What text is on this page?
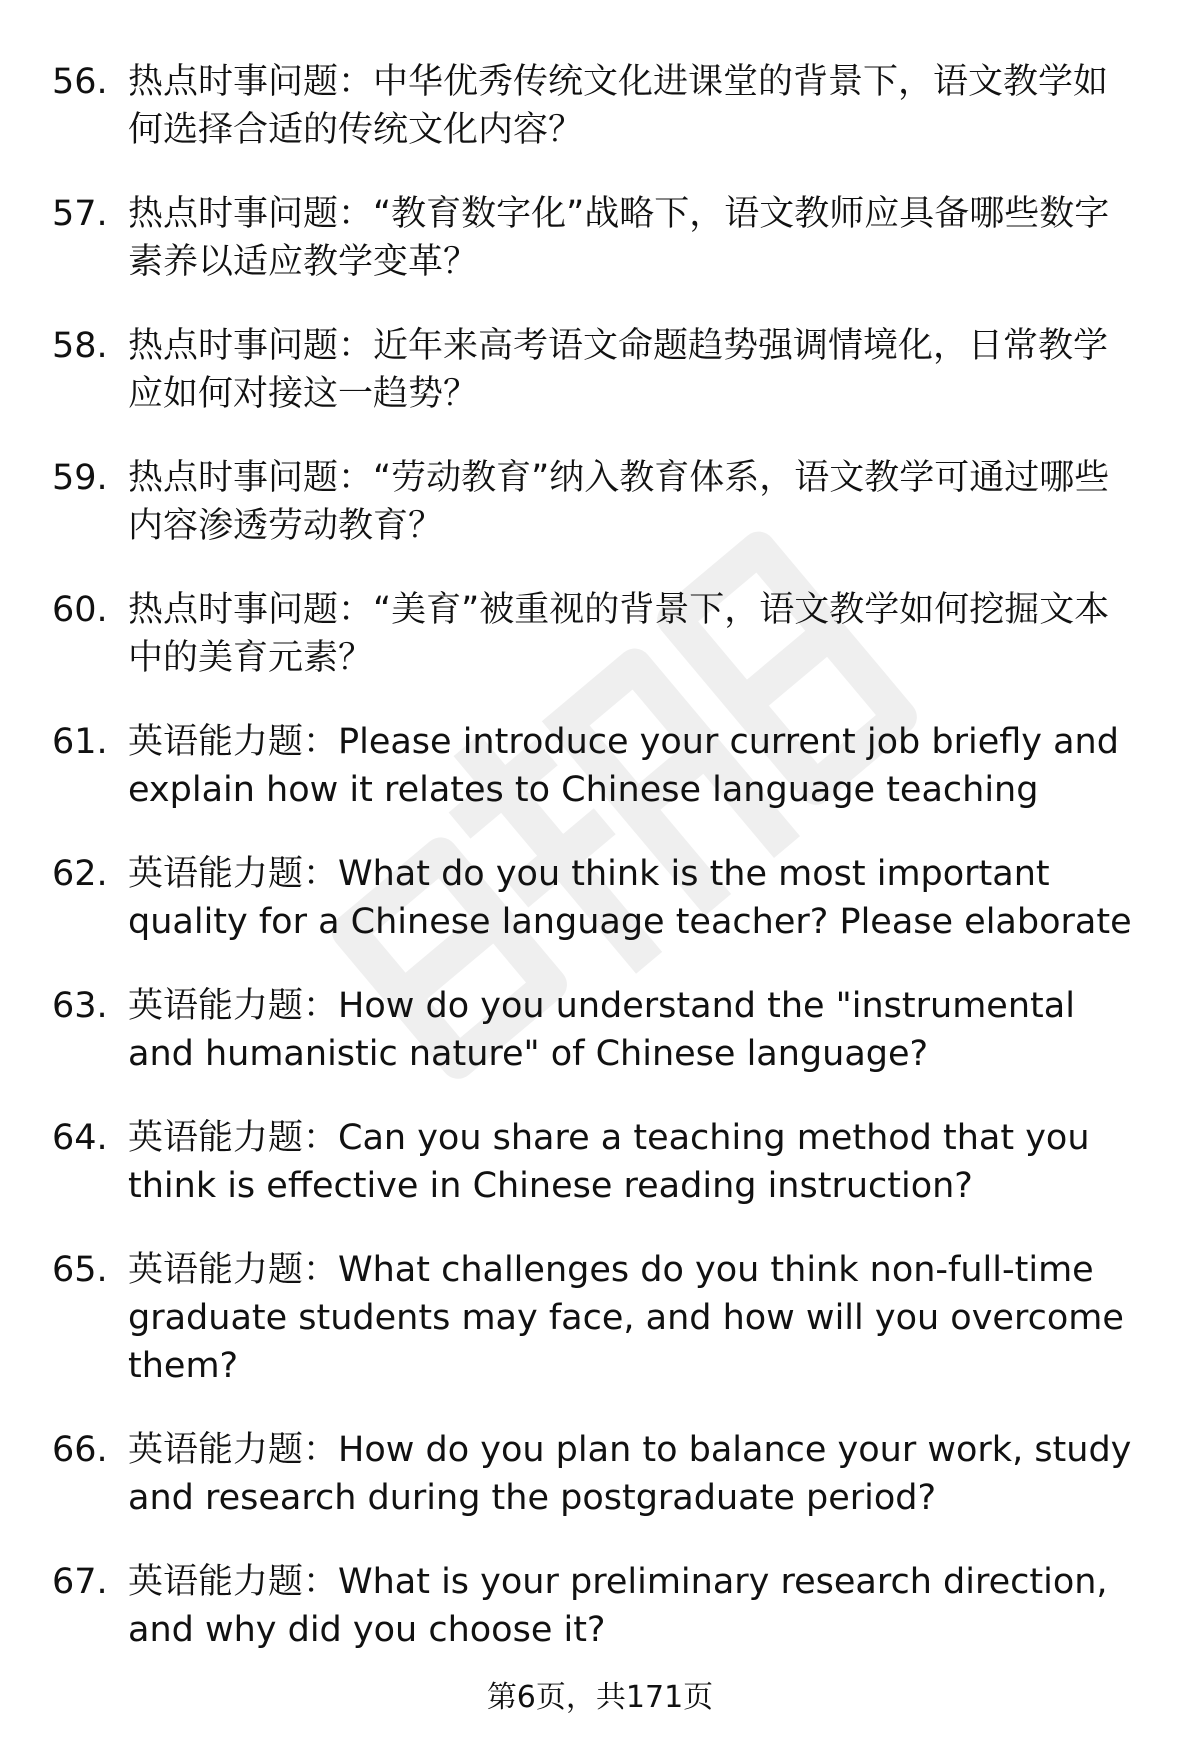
56. 热点时事问题：中华优秀传统文化进课堂的背景下，语文教学如何选择合适的传统文化内容？
57. 热点时事问题：“教育数字化”战略下，语文教师应具备哪些数字素养以适应教学变革？
58. 热点时事问题：近年来高考语文命题趋势强调情境化，日常教学应如何对接这一趋势？
59. 热点时事问题：“劳动教育”纳入教育体系，语文教学可通过哪些内容渗透劳动教育？
60. 热点时事问题：“美育”被重视的背景下，语文教学如何挖掘文本中的美育元素？
61. 英语能力题：Please introduce your current job briefly and explain how it relates to Chinese language teaching
62. 英语能力题：What do you think is the most important quality for a Chinese language teacher? Please elaborate
63. 英语能力题：How do you understand the "instrumental and humanistic nature" of Chinese language?
64. 英语能力题：Can you share a teaching method that you think is effective in Chinese reading instruction?
65. 英语能力题：What challenges do you think non-full-time graduate students may face, and how will you overcome them?
66. 英语能力题：How do you plan to balance your work, study and research during the postgraduate period?
67. 英语能力题：What is your preliminary research direction, and why did you choose it?
第6页，共171页
